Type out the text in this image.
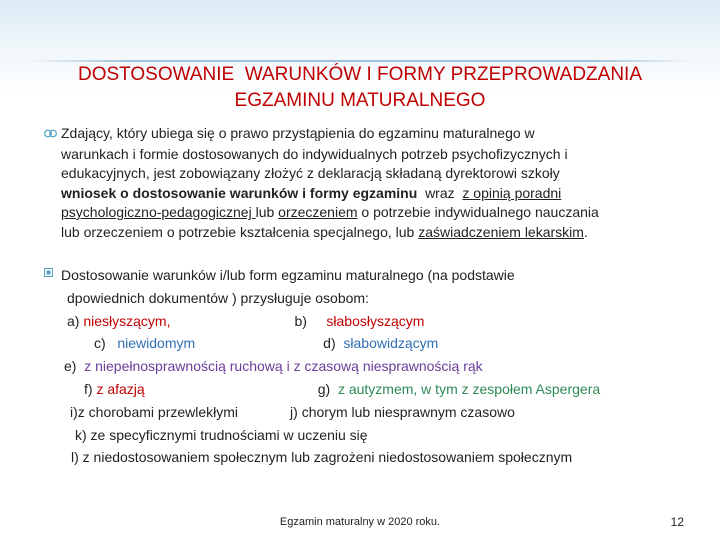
DOSTOSOWANIE  WARUNKÓW I FORMY PRZEPROWADZANIA
EGZAMINU MATURALNEGO
Zdający, który ubiega się o prawo przystąpienia do egzaminu maturalnego w
warunkach i formie dostosowanych do indywidualnych potrzeb psychofizycznych i
edukacyjnych, jest zobowiązany złożyć z deklaracją składaną dyrektorowi szkoły
wniosek o dostosowanie warunków i formy egzaminu  wraz  z opinią poradni
psychologiczno-pedagogicznej lub orzeczeniem o potrzebie indywidualnego nauczania
lub orzeczeniem o potrzebie kształcenia specjalnego, lub zaświadczeniem lekarskim.
Dostosowanie warunków i/lub form egzaminu maturalnego (na podstawie
dpowiednich dokumentów ) przysługuje osobom:
a) niesłyszącym,	b)     słabosłyszącym
c)   niewidomym	d)  słabowidzącym
e)  z niepełnosprawnością ruchową i z czasową niesprawnością rąk
f) z afazją	g)  z autyzmem, w tym z zespołem Aspergera
i)z chorobami przewlekłymi	j) chorym lub niesprawnym czasowo
k) ze specyficznymi trudnościami w uczeniu się
l) z niedostosowaniem społecznym lub zagrożeni niedostosowaniem społecznym
Egzamin maturalny w 2020 roku.	12
